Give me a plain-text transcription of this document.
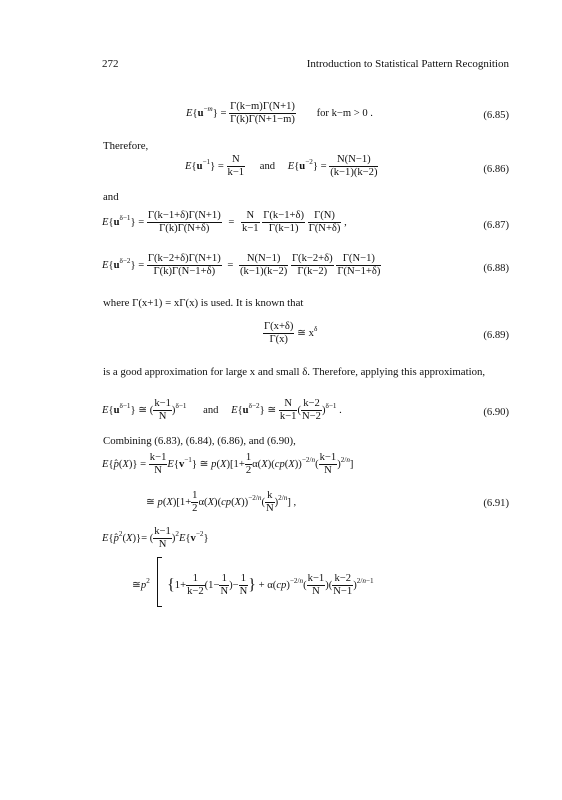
272	Introduction to Statistical Pattern Recognition
$E\{u^{-m}\} = \frac{\Gamma(k-m)\Gamma(N+1)}{\Gamma(k)\Gamma(N+1-m)}$ for k−m > 0 .	(6.85)
Therefore,
$E\{u^{-1}\} = \frac{N}{k-1}$ and $E\{u^{-2}\} = \frac{N(N-1)}{(k-1)(k-2)}$	(6.86)
and
$E\{u^{\delta-1}\} = \frac{\Gamma(k-1+\delta)\Gamma(N+1)}{\Gamma(k)\Gamma(N+\delta)} = \frac{N}{k-1}$
$\frac{\Gamma(k-1+\delta)}{\Gamma(k-1)}$
$\frac{\Gamma(N)}{\Gamma(N+\delta)}$ ,	(6.87)
$E\{u^{\delta-2}\} = \frac{\Gamma(k-2+\delta)\Gamma(N+1)}{\Gamma(k)\Gamma(N-1+\delta)} = \frac{N(N-1)}{(k-1)(k-2)}$
$\frac{\Gamma(k-2+\delta)}{\Gamma(k-2)}$
$\frac{\Gamma(N-1)}{\Gamma(N-1+\delta)}$	(6.88)
where Γ(x+1) = xΓ(x) is used. It is known that
$\frac{\Gamma(x+\delta)}{\Gamma(x)}$ ≅ $x^\delta$
(6.89)
is a good approximation for large x and small δ. Therefore, applying this approximation,
$E\{u^{\delta-1}\}$ ≅ ( $\frac{k-1}{N} )^{\delta-1}$ and $E\{u^{\delta-2}\}$ ≅ $\frac{N}{k-1}$ ( $\frac{k-2}{N-2} )^{\delta-1}$ .	(6.90)
Combining (6.83), (6.84), (6.86), and (6.90),
E{p̂(X)} = $\frac{k-1}{N} E\{v^{-1}\}$ ≅ $p(X)[1+ \frac{1}{2} \alpha(X)(cp(X))^{-2/n}( \frac{k-1}{N} )^{2/n}]$
≅ $p(X)[1+ \frac{1}{2} \alpha(X)(cp(X))^{-2/n}( \frac{k}{N} )^{2/n}]$ ,	(6.91)
E{p̂$^2$(X)}= ( $\frac{k-1}{N} )^2E\{v^{-2}\}$
$≅p^2$ {$1+ \frac{1}{k-2} (1- \frac{1}{N}$ )− $\frac{1}{N}$ } + $\alpha(cp)^{-2/n}( \frac{k-1}{N}$ )( $\frac{k-2}{N-1} )^{2/n-1}$
